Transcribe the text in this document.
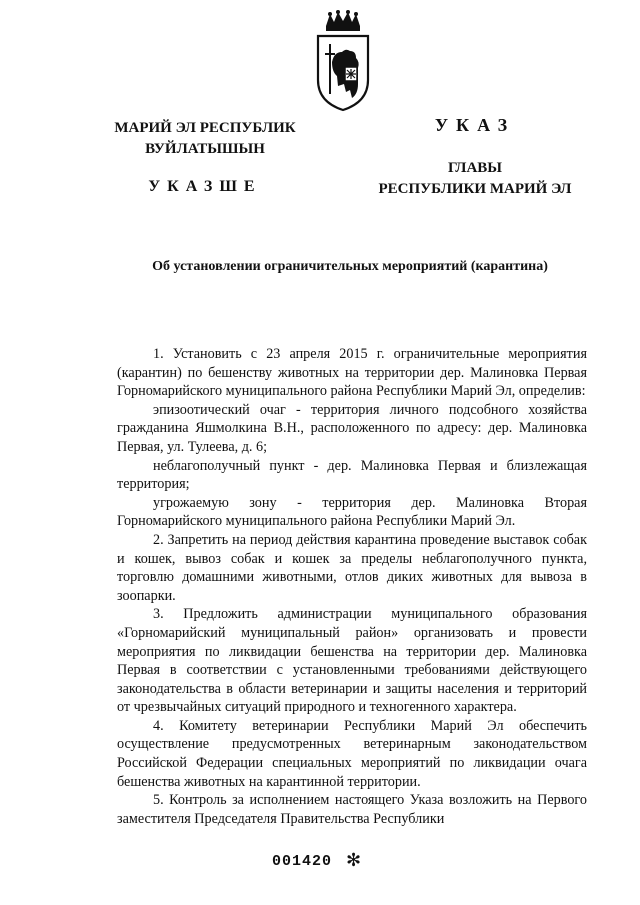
МАРИЙ ЭЛ РЕСПУБЛИК
ВУЙЛАТЫШЫН
УКАЗШЕ
УКАЗ
ГЛАВЫ
РЕСПУБЛИКИ МАРИЙ ЭЛ
Об установлении ограничительных мероприятий (карантина)

1. Установить с 23 апреля 2015 г. ограничительные мероприятия (карантин) по бешенству животных на территории дер. Малиновка Первая Горномарийского муниципального района Республики Марий Эл, определив:

эпизоотический очаг - территория личного подсобного хозяйства гражданина Яшмолкина В.Н., расположенного по адресу: дер. Малиновка Первая, ул. Тулеева, д. 6;

неблагополучный пункт - дер. Малиновка Первая и близлежащая территория;

угрожаемую зону - территория дер. Малиновка Вторая Горномарийского муниципального района Республики Марий Эл.

2. Запретить на период действия карантина проведение выставок собак и кошек, вывоз собак и кошек за пределы неблагополучного пункта, торговлю домашними животными, отлов диких животных для вывоза в зоопарки.

3. Предложить администрации муниципального образования «Горномарийский муниципальный район» организовать и провести мероприятия по ликвидации бешенства на территории дер. Малиновка Первая в соответствии с установленными требованиями действующего законодательства в области ветеринарии и защиты населения и территорий от чрезвычайных ситуаций природного и техногенного характера.

4. Комитету ветеринарии Республики Марий Эл обеспечить осуществление предусмотренных ветеринарным законодательством Российской Федерации специальных мероприятий по ликвидации очага бешенства животных на карантинной территории.

5. Контроль за исполнением настоящего Указа возложить на Первого заместителя Председателя Правительства Республики

001420 ✻
